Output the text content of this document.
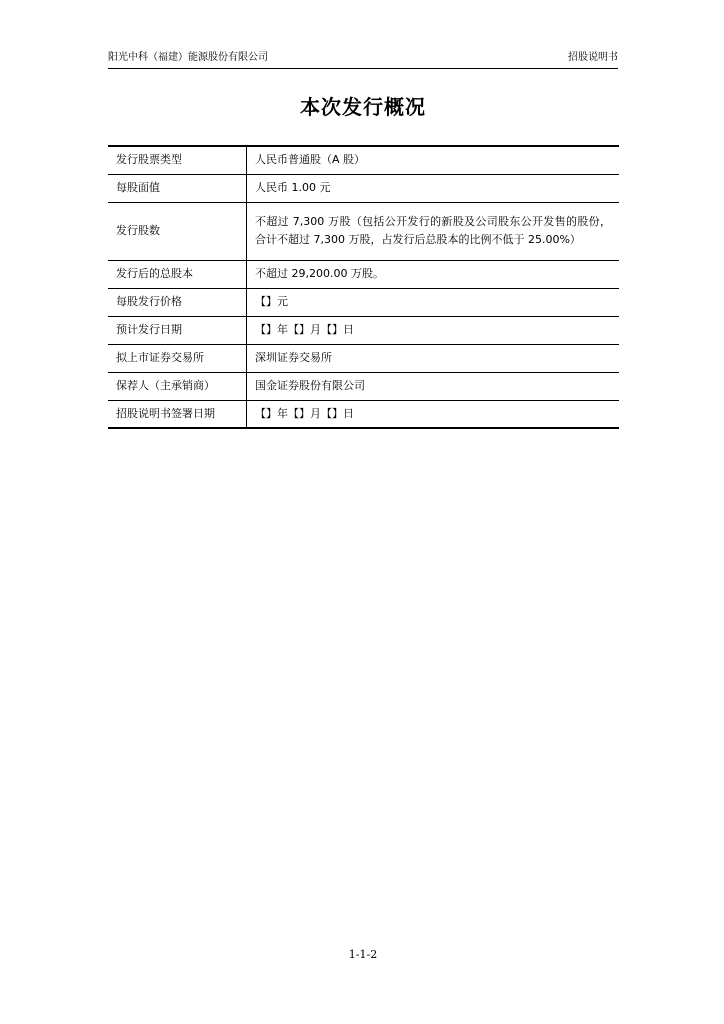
阳光中科（福建）能源股份有限公司	招股说明书
本次发行概况
发行股票类型	人民币普通股（A 股）
每股面值	人民币 1.00 元
发行股数	不超过 7,300 万股（包括公开发行的新股及公司股东公开发售的股份，合计不超过 7,300 万股，占发行后总股本的比例不低于 25.00%）
发行后的总股本	不超过 29,200.00 万股。
每股发行价格	【】元
预计发行日期	【】年【】月【】日
拟上市证券交易所	深圳证券交易所
保荐人（主承销商）	国金证券股份有限公司
招股说明书签署日期	【】年【】月【】日
1-1-2
